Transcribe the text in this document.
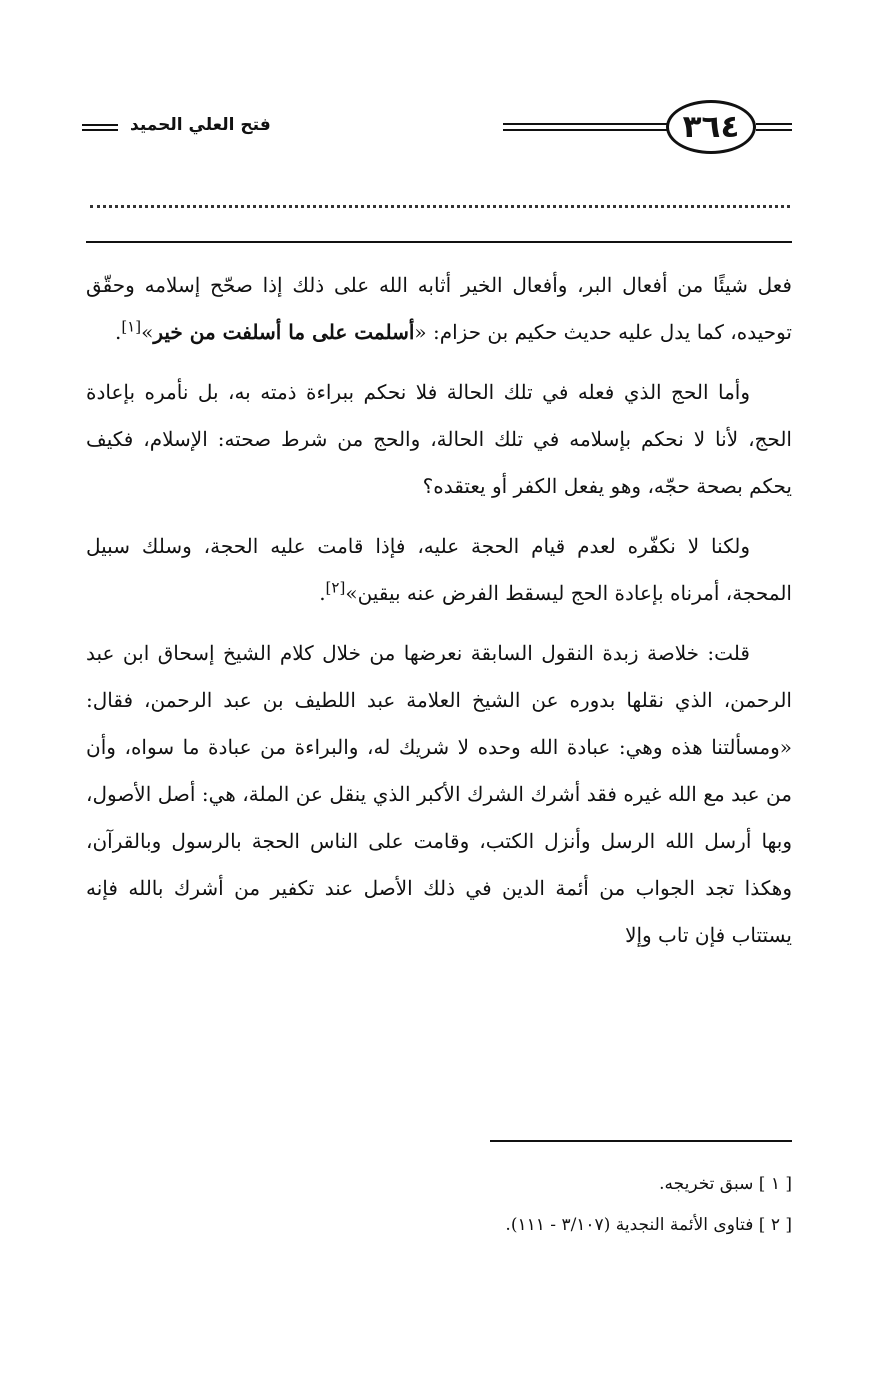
٣٦٤
فتح العلي الحميد

فعل شيئًا من أفعال البر، وأفعال الخير أثابه الله على ذلك إذا صحّح إسلامه وحقّق توحيده، كما يدل عليه حديث حكيم بن حزام: «أسلمت على ما أسلفت من خير»[١].

وأما الحج الذي فعله في تلك الحالة فلا نحكم ببراءة ذمته به، بل نأمره بإعادة الحج، لأنا لا نحكم بإسلامه في تلك الحالة، والحج من شرط صحته: الإسلام، فكيف يحكم بصحة حجّه، وهو يفعل الكفر أو يعتقده؟

ولكنا لا نكفّره لعدم قيام الحجة عليه، فإذا قامت عليه الحجة، وسلك سبيل المحجة، أمرناه بإعادة الحج ليسقط الفرض عنه بيقين»[٢].

قلت: خلاصة زبدة النقول السابقة نعرضها من خلال كلام الشيخ إسحاق ابن عبد الرحمن، الذي نقلها بدوره عن الشيخ العلامة عبد اللطيف بن عبد الرحمن، فقال: «ومسألتنا هذه وهي: عبادة الله وحده لا شريك له، والبراءة من عبادة ما سواه، وأن من عبد مع الله غيره فقد أشرك الشرك الأكبر الذي ينقل عن الملة، هي: أصل الأصول، وبها أرسل الله الرسل وأنزل الكتب، وقامت على الناس الحجة بالرسول وبالقرآن، وهكذا تجد الجواب من أئمة الدين في ذلك الأصل عند تكفير من أشرك بالله فإنه يستتاب فإن تاب وإلا

[ ١ ] سبق تخريجه.

[ ٢ ] فتاوى الأئمة النجدية (٣/١٠٧ - ١١١).
